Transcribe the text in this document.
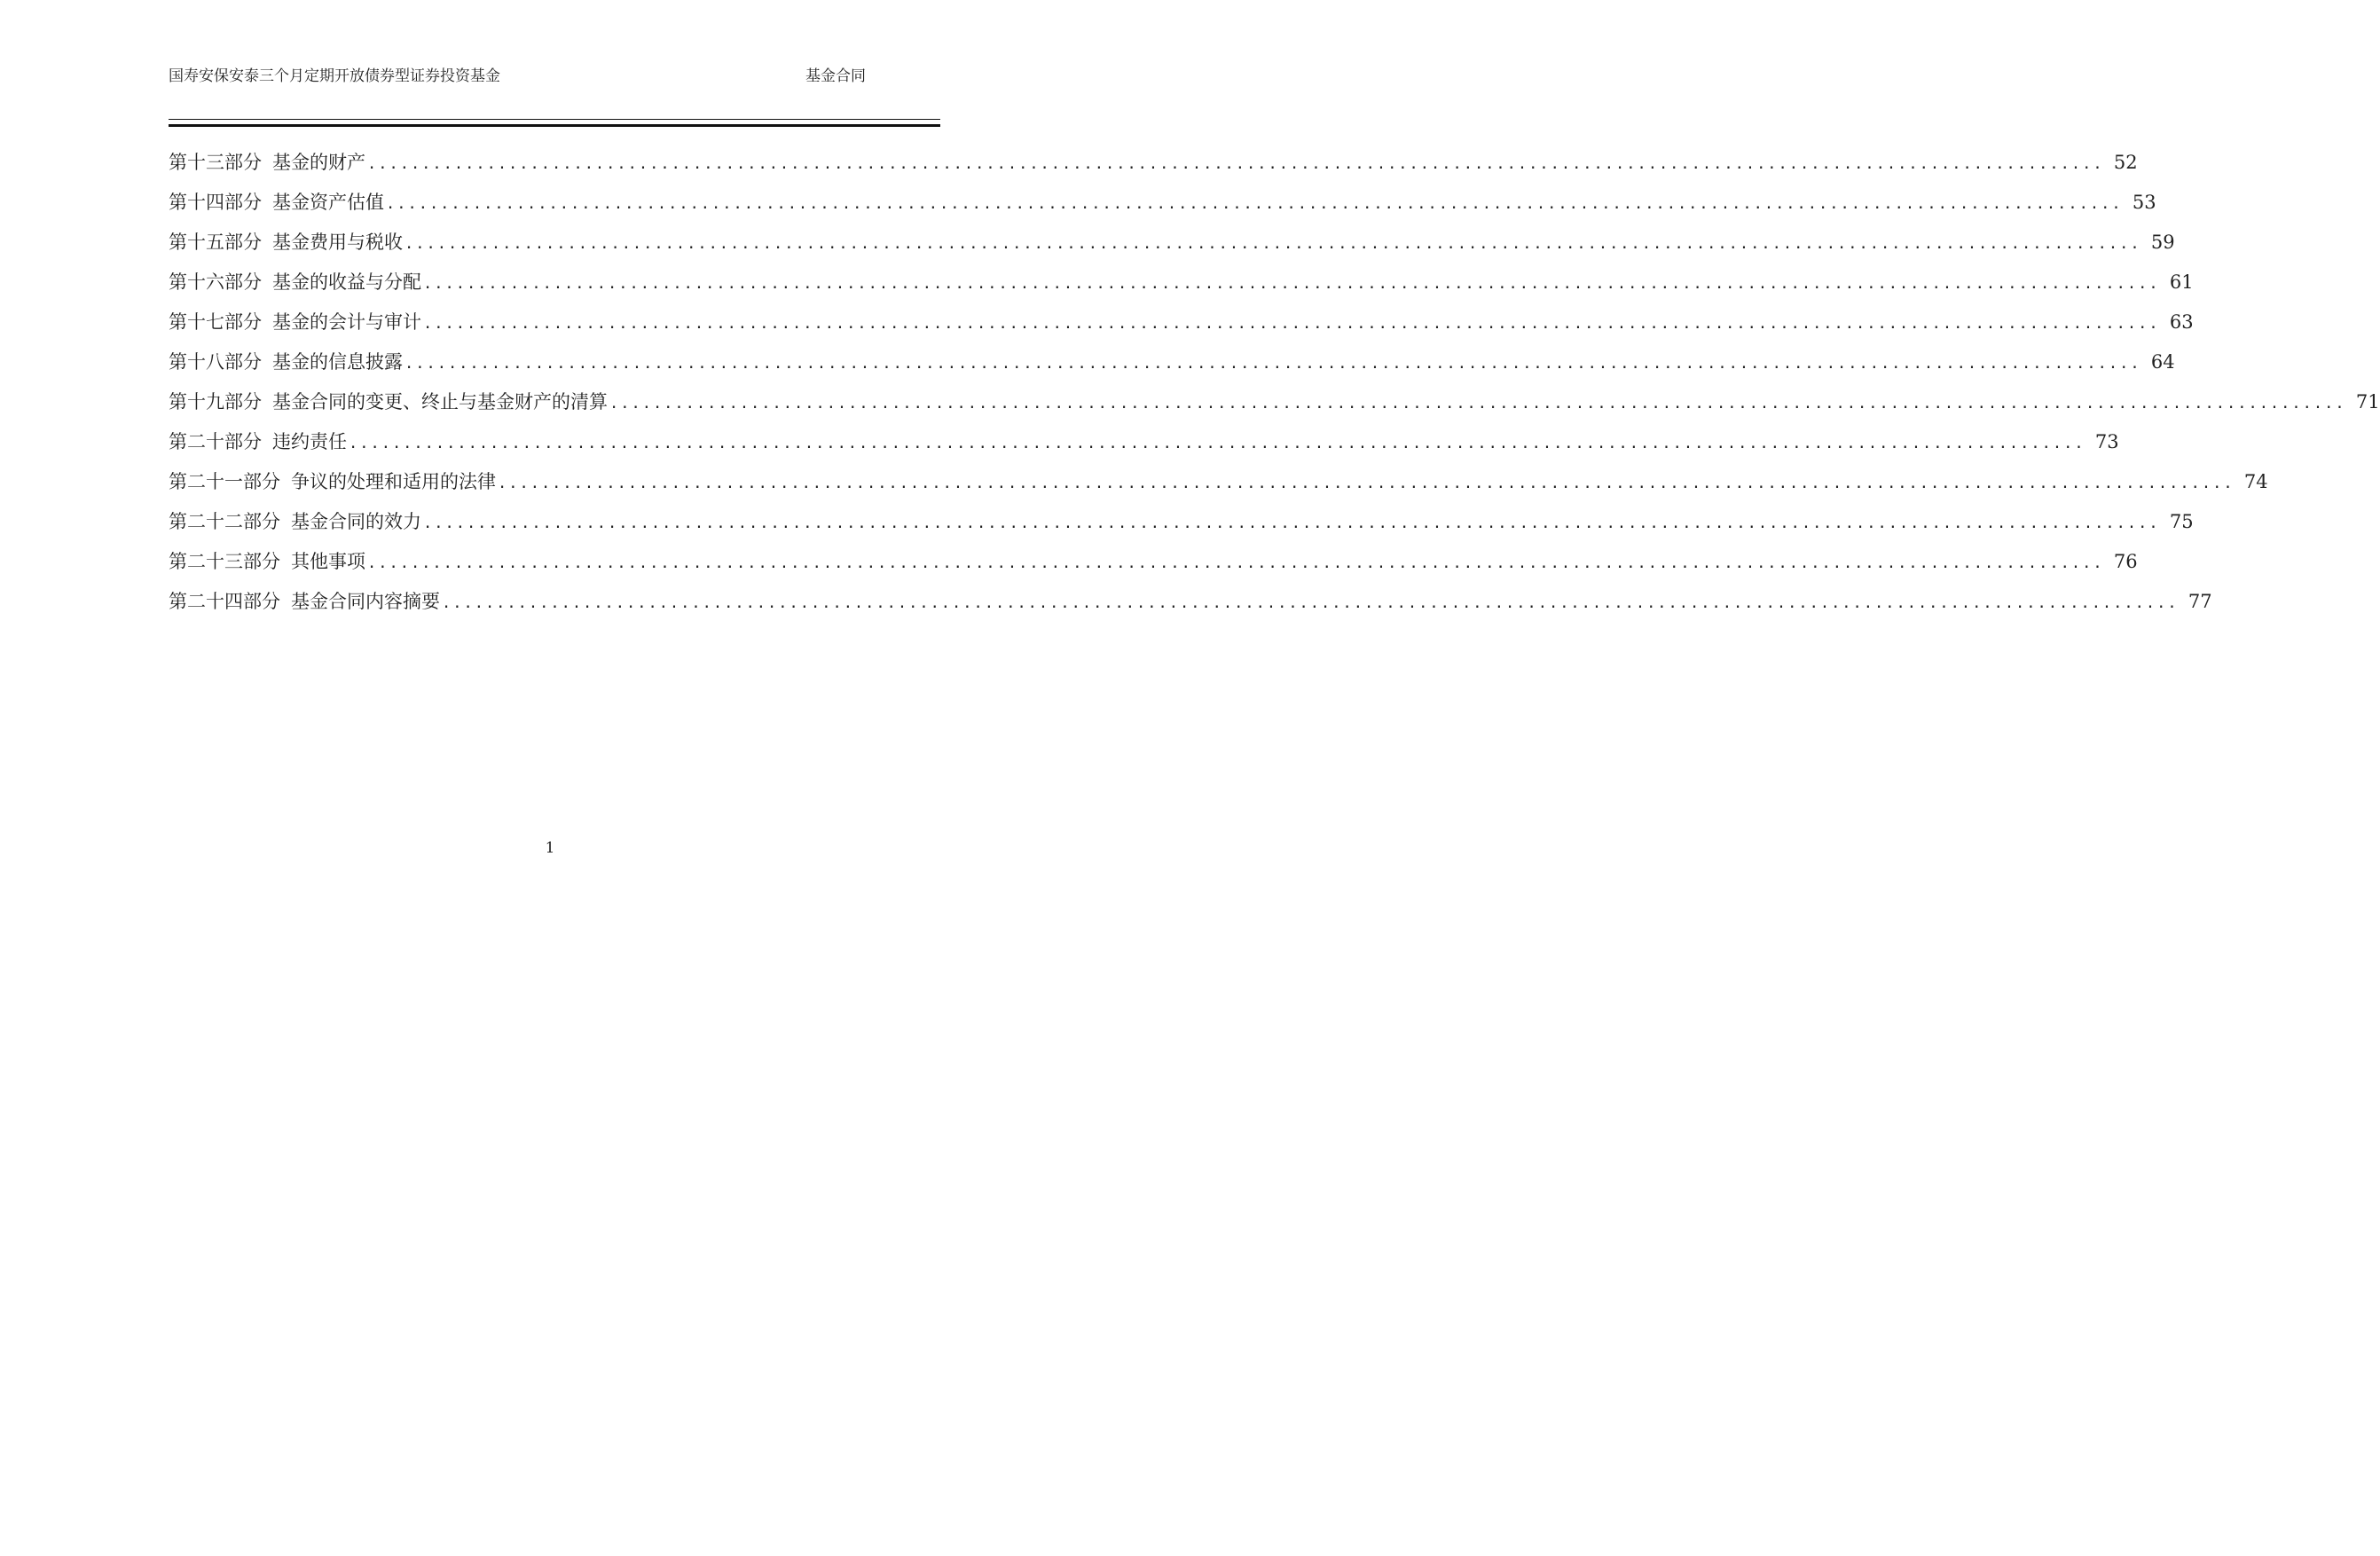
国寿安保安泰三个月定期开放债券型证券投资基金	基金合同
第十三部分 基金的财产 ................................................................................................................................................................ 52
第十四部分 基金资产估值 ................................................................................................................................................................ 53
第十五部分 基金费用与税收 ................................................................................................................................................................ 59
第十六部分 基金的收益与分配 ................................................................................................................................................................ 61
第十七部分 基金的会计与审计 ................................................................................................................................................................ 63
第十八部分 基金的信息披露 ................................................................................................................................................................ 64
第十九部分 基金合同的变更、终止与基金财产的清算 ................................................................................................................................................................ 71
第二十部分 违约责任 ................................................................................................................................................................ 73
第二十一部分 争议的处理和适用的法律 ................................................................................................................................................................ 74
第二十二部分 基金合同的效力 ................................................................................................................................................................ 75
第二十三部分 其他事项 ................................................................................................................................................................ 76
第二十四部分 基金合同内容摘要 ................................................................................................................................................................ 77
1
